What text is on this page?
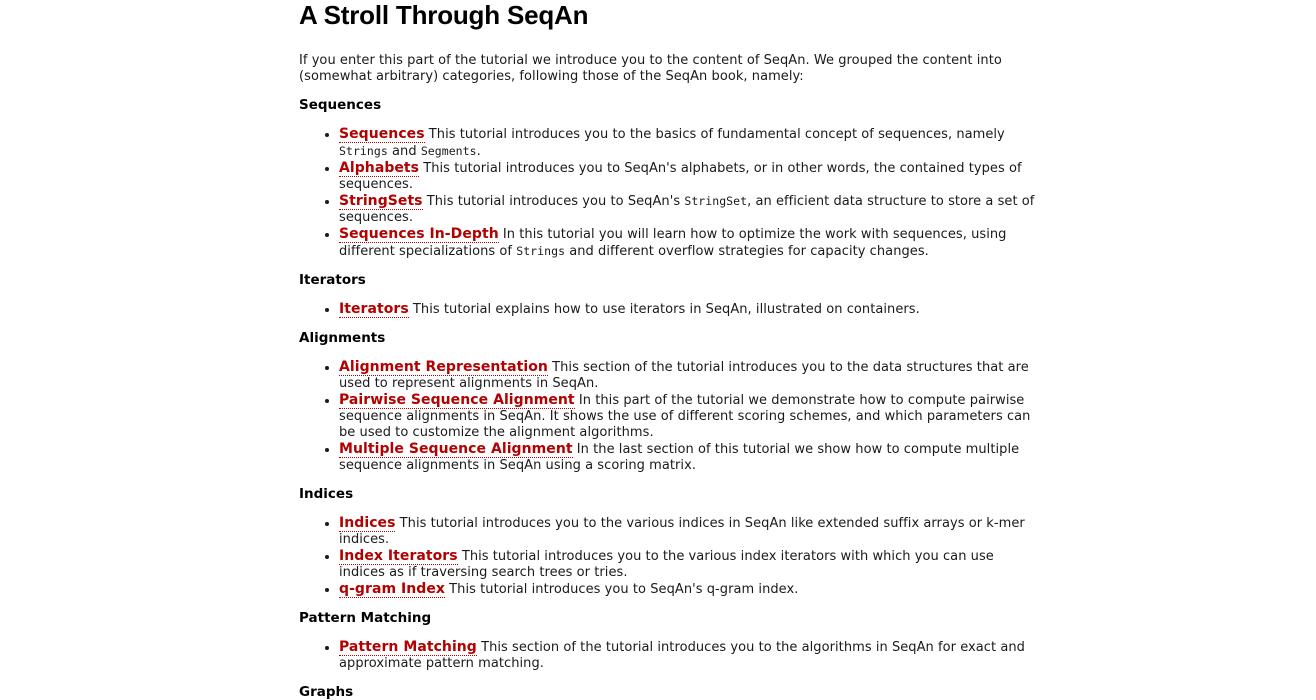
A Stroll Through SeqAn

If you enter this part of the tutorial we introduce you to the content of SeqAn. We grouped the content into (somewhat arbitrary) categories, following those of the SeqAn book, namely:

Sequences
• Sequences This tutorial introduces you to the basics of fundamental concept of sequences, namely Strings and Segments.
• Alphabets This tutorial introduces you to SeqAn's alphabets, or in other words, the contained types of sequences.
• StringSets This tutorial introduces you to SeqAn's StringSet, an efficient data structure to store a set of sequences.
• Sequences In-Depth In this tutorial you will learn how to optimize the work with sequences, using different specializations of Strings and different overflow strategies for capacity changes.
Iterators
• Iterators This tutorial explains how to use iterators in SeqAn, illustrated on containers.
Alignments
• Alignment Representation This section of the tutorial introduces you to the data structures that are used to represent alignments in SeqAn.
• Pairwise Sequence Alignment In this part of the tutorial we demonstrate how to compute pairwise sequence alignments in SeqAn. It shows the use of different scoring schemes, and which parameters can be used to customize the alignment algorithms.
• Multiple Sequence Alignment In the last section of this tutorial we show how to compute multiple sequence alignments in SeqAn using a scoring matrix.
Indices
• Indices This tutorial introduces you to the various indices in SeqAn like extended suffix arrays or k-mer indices.
• Index Iterators This tutorial introduces you to the various index iterators with which you can use indices as if traversing search trees or tries.
• q-gram Index This tutorial introduces you to SeqAn's q-gram index.
Pattern Matching
• Pattern Matching This section of the tutorial introduces you to the algorithms in SeqAn for exact and approximate pattern matching.
Graphs
